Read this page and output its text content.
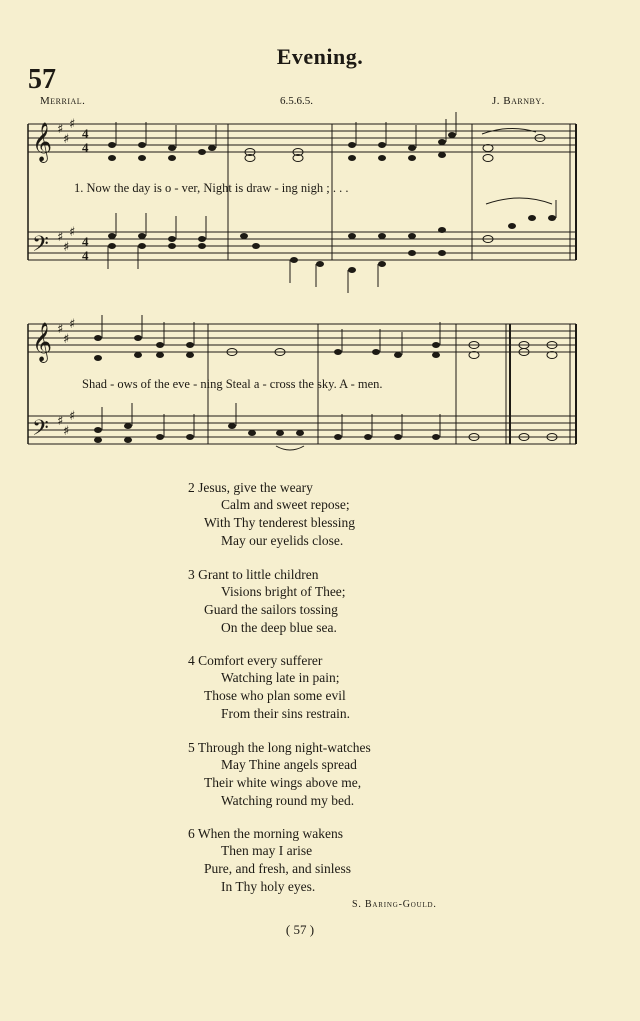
Evening.
57
Merrial.	6.5.6.5.	J. Barnby.
𝄞
𝄢
𝄞
𝄢
♯
♯
♯
♯
♯
♯
♯
♯
♯
♯
♯
♯
4
4
4
4
1. Now the day is o - ver, Night is draw - ing nigh ; . . .
Shad - ows of the eve - ning Steal a - cross the sky. A - men.
2 Jesus, give the weary
Calm and sweet repose;
With Thy tenderest blessing
May our eyelids close.
3 Grant to little children
Visions bright of Thee;
Guard the sailors tossing
On the deep blue sea.
4 Comfort every sufferer
Watching late in pain;
Those who plan some evil
From their sins restrain.
5 Through the long night-watches
May Thine angels spread
Their white wings above me,
Watching round my bed.
6 When the morning wakens
Then may I arise
Pure, and fresh, and sinless
In Thy holy eyes.
S. Baring-Gould.
( 57 )
